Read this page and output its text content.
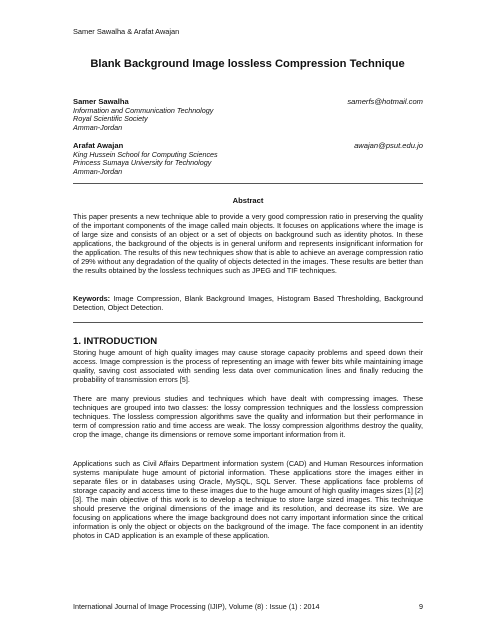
Samer Sawalha & Arafat Awajan
Blank Background Image lossless Compression Technique
Samer Sawalha	samerfs@hotmail.com
Information and Communication Technology
Royal Scientific Society
Amman-Jordan
Arafat Awajan	awajan@psut.edu.jo
King Hussein School for Computing Sciences
Princess Sumaya University for Technology
Amman-Jordan
Abstract
This paper presents a new technique able to provide a very good compression ratio in preserving the quality of the important components of the image called main objects. It focuses on applications where the image is of large size and consists of an object or a set of objects on background such as identity photos. In these applications, the background of the objects is in general uniform and represents insignificant information for the application. The results of this new techniques show that is able to achieve an average compression ratio of 29% without any degradation of the quality of objects detected in the images. These results are better than the results obtained by the lossless techniques such as JPEG and TIF techniques.
Keywords: Image Compression, Blank Background Images, Histogram Based Thresholding, Background Detection, Object Detection.
1. INTRODUCTION
Storing huge amount of high quality images may cause storage capacity problems and speed down their access. Image compression is the process of representing an image with fewer bits while maintaining image quality, saving cost associated with sending less data over communication lines and finally reducing the probability of transmission errors [5].
There are many previous studies and techniques which have dealt with compressing images. These techniques are grouped into two classes: the lossy compression techniques and the lossless compression techniques. The lossless compression algorithms save the quality and information but their performance in term of compression ratio and time access are weak. The lossy compression algorithms destroy the quality, crop the image, change its dimensions or remove some important information from it.
Applications such as Civil Affairs Department information system (CAD) and Human Resources information systems manipulate huge amount of pictorial information. These applications store the images either in separate files or in databases using Oracle, MySQL, SQL Server. These applications face problems of storage capacity and access time to these images due to the huge amount of high quality images sizes [1] [2] [3]. The main objective of this work is to develop a technique to store large sized images. This technique should preserve the original dimensions of the image and its resolution, and decrease its size. We are focusing on applications where the image background does not carry important information since the critical information is only the object or objects on the background of the image. The face component in an identity photos in CAD application is an example of these application.
International Journal of Image Processing (IJIP), Volume (8) : Issue (1) : 2014	9
